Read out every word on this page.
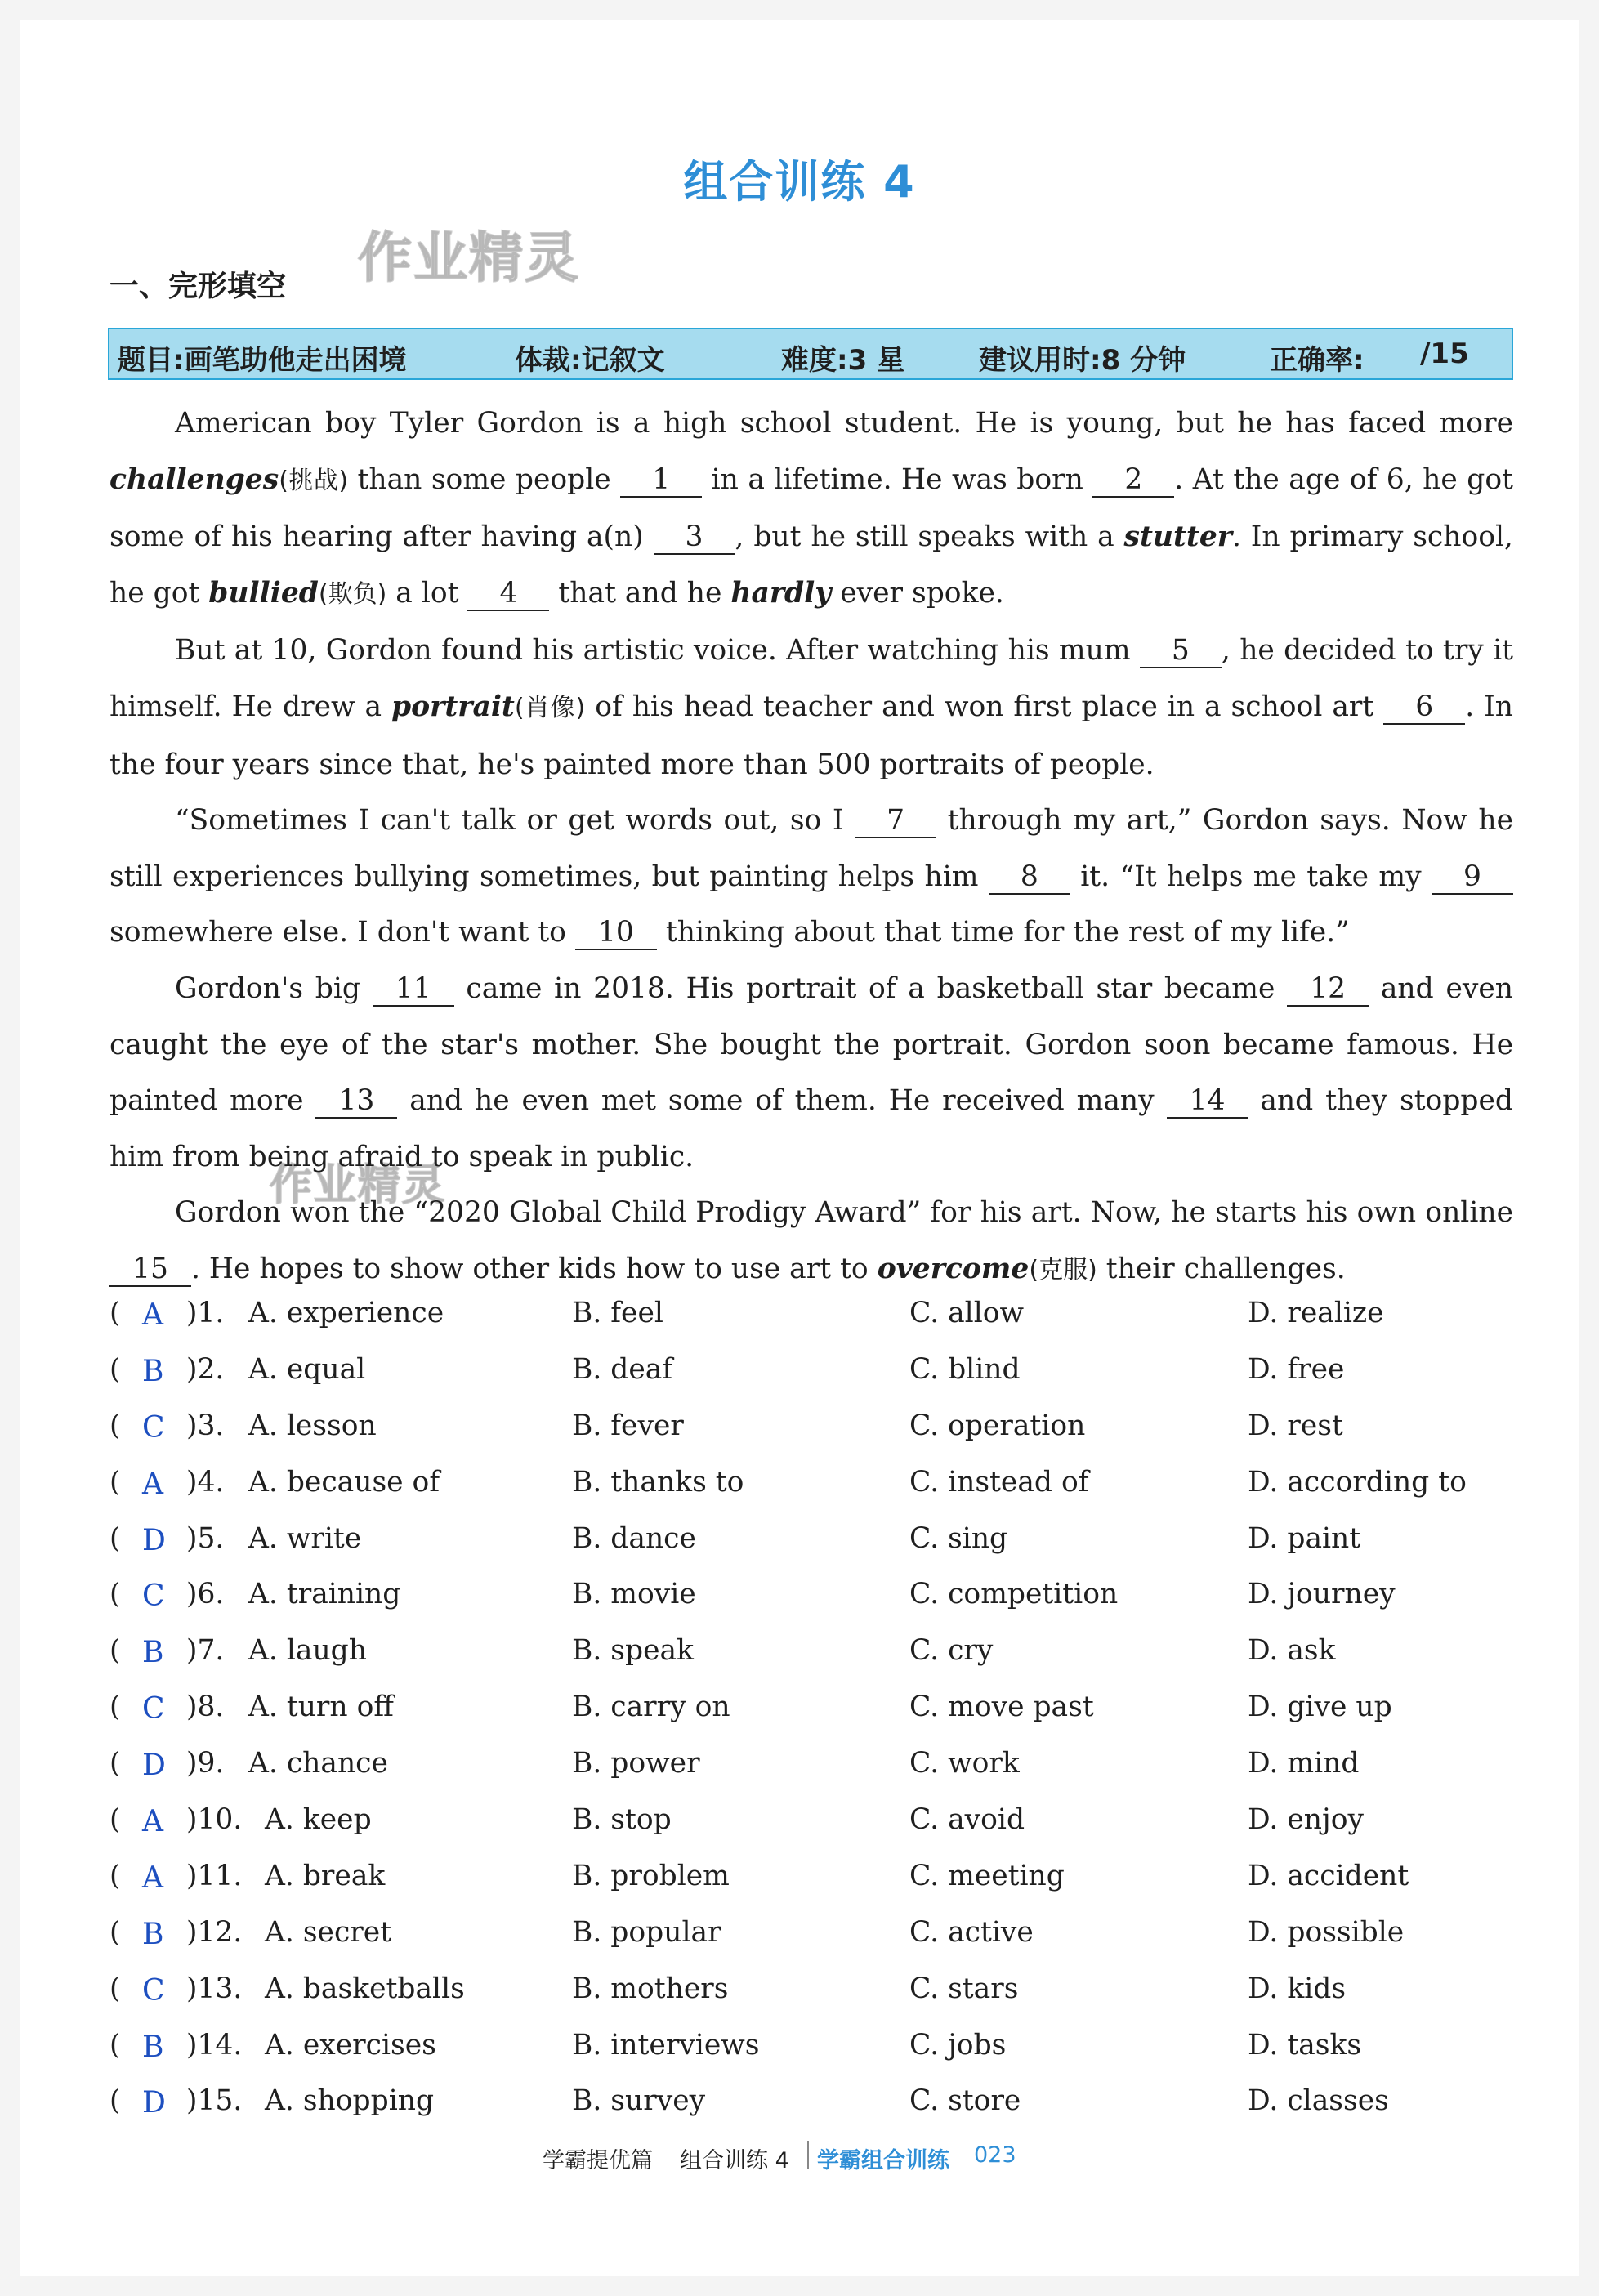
组合训练 4
作业精灵
作业精灵
一、完形填空
题目:画笔助他走出困境	体裁:记叙文	难度:3 星	建议用时:8 分钟	正确率: /15

American boy Tyler Gordon is a high school student. He is young, but he has faced more challenges(挑战) than some people 1 in a lifetime. He was born 2 . At the age of 6, he got some of his hearing after having a(n) 3 , but he still speaks with a stutter. In primary school, he got bullied(欺负) a lot 4 that and he hardly ever spoke.

But at 10, Gordon found his artistic voice. After watching his mum 5 , he decided to try it himself. He drew a portrait(肖像) of his head teacher and won first place in a school art 6 . In the four years since that, he's painted more than 500 portraits of people.

“Sometimes I can't talk or get words out, so I 7 through my art,” Gordon says. Now he still experiences bullying sometimes, but painting helps him 8 it. “It helps me take my 9 somewhere else. I don't want to 10 thinking about that time for the rest of my life.”

Gordon's big 11 came in 2018. His portrait of a basketball star became 12 and even caught the eye of the star's mother. She bought the portrait. Gordon soon became famous. He painted more 13 and he even met some of them. He received many 14 and they stopped him from being afraid to speak in public.

Gordon won the “2020 Global Child Prodigy Award” for his art. Now, he starts his own online 15 . He hopes to show other kids how to use art to overcome(克服) their challenges.

( A )1. A. experience	B. feel	C. allow	D. realize
( B )2. A. equal	B. deaf	C. blind	D. free
( C )3. A. lesson	B. fever	C. operation	D. rest
( A )4. A. because of	B. thanks to	C. instead of	D. according to
( D )5. A. write	B. dance	C. sing	D. paint
( C )6. A. training	B. movie	C. competition	D. journey
( B )7. A. laugh	B. speak	C. cry	D. ask
( C )8. A. turn off	B. carry on	C. move past	D. give up
( D )9. A. chance	B. power	C. work	D. mind
( A )10. A. keep	B. stop	C. avoid	D. enjoy
( A )11. A. break	B. problem	C. meeting	D. accident
( B )12. A. secret	B. popular	C. active	D. possible
( C )13. A. basketballs	B. mothers	C. stars	D. kids
( B )14. A. exercises	B. interviews	C. jobs	D. tasks
( D )15. A. shopping	B. survey	C. store	D. classes
学霸提优篇 组合训练 4 学霸组合训练 023
